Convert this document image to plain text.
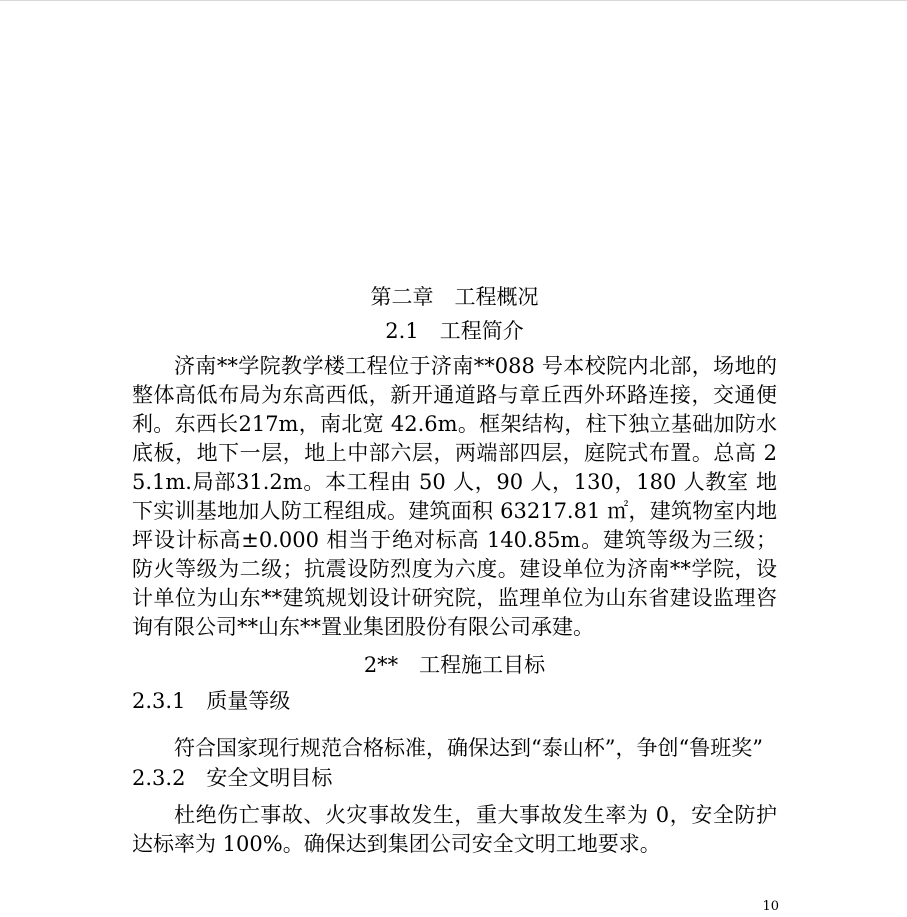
第二章　工程概况
2.1　工程简介

济南**学院教学楼工程位于济南**088 号本校院内北部，场地的整体高低布局为东高西低，新开通道路与章丘西外环路连接，交通便利。东西长217m，南北宽 42.6m。框架结构，柱下独立基础加防水底板，地下一层，地上中部六层，两端部四层，庭院式布置。总高 25.1m.局部31.2m。本工程由 50 人，90 人，130，180 人教室 地下实训基地加人防工程组成。建筑面积 63217.81 ㎡，建筑物室内地坪设计标高±0.000 相当于绝对标高 140.85m。建筑等级为三级；防火等级为二级；抗震设防烈度为六度。建设单位为济南**学院，设计单位为山东**建筑规划设计研究院，监理单位为山东省建设监理咨询有限公司**山东**置业集团股份有限公司承建。

2**　工程施工目标
2.3.1　质量等级

符合国家现行规范合格标准，确保达到“泰山杯”，争创“鲁班奖”

2.3.2　安全文明目标

杜绝伤亡事故、火灾事故发生，重大事故发生率为 0，安全防护达标率为 100%。确保达到集团公司安全文明工地要求。

10
